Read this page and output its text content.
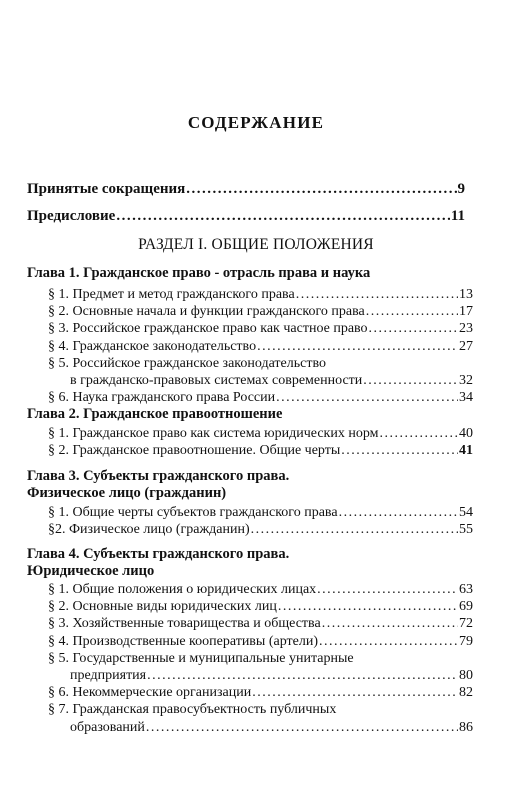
СОДЕРЖАНИЕ
Принятые сокращения .....	9
Предисловие .....	11
РАЗДЕЛ I. ОБЩИЕ ПОЛОЖЕНИЯ
Глава 1. Гражданское право - отрасль права и наука
§ 1. Предмет и метод гражданского права .....	13
§ 2. Основные начала и функции гражданского права .....	17
§ 3. Российское гражданское право как частное право .....	23
§ 4. Гражданское законодательство .....	27
§ 5. Российское гражданское законодательство
в гражданско-правовых системах современности .....	32
§ 6. Наука гражданского права России .....	34
Глава 2. Гражданское правоотношение
§ 1. Гражданское право как система юридических норм .....	40
§ 2. Гражданское правоотношение. Общие черты .....	41
Глава 3. Субъекты гражданского права.
Физическое лицо (гражданин)
§ 1. Общие черты субъектов гражданского права .....	54
§2. Физическое лицо (гражданин) .....	55
Глава 4. Субъекты гражданского права.
Юридическое лицо
§ 1. Общие положения о юридических лицах .....	63
§ 2. Основные виды юридических лиц .....	69
§ 3. Хозяйственные товарищества и общества .....	72
§ 4. Производственные кооперативы (артели) .....	79
§ 5. Государственные и муниципальные унитарные
предприятия .....	80
§ 6. Некоммерческие организации .....	82
§ 7. Гражданская правосубъектность публичных
образований .....	86
